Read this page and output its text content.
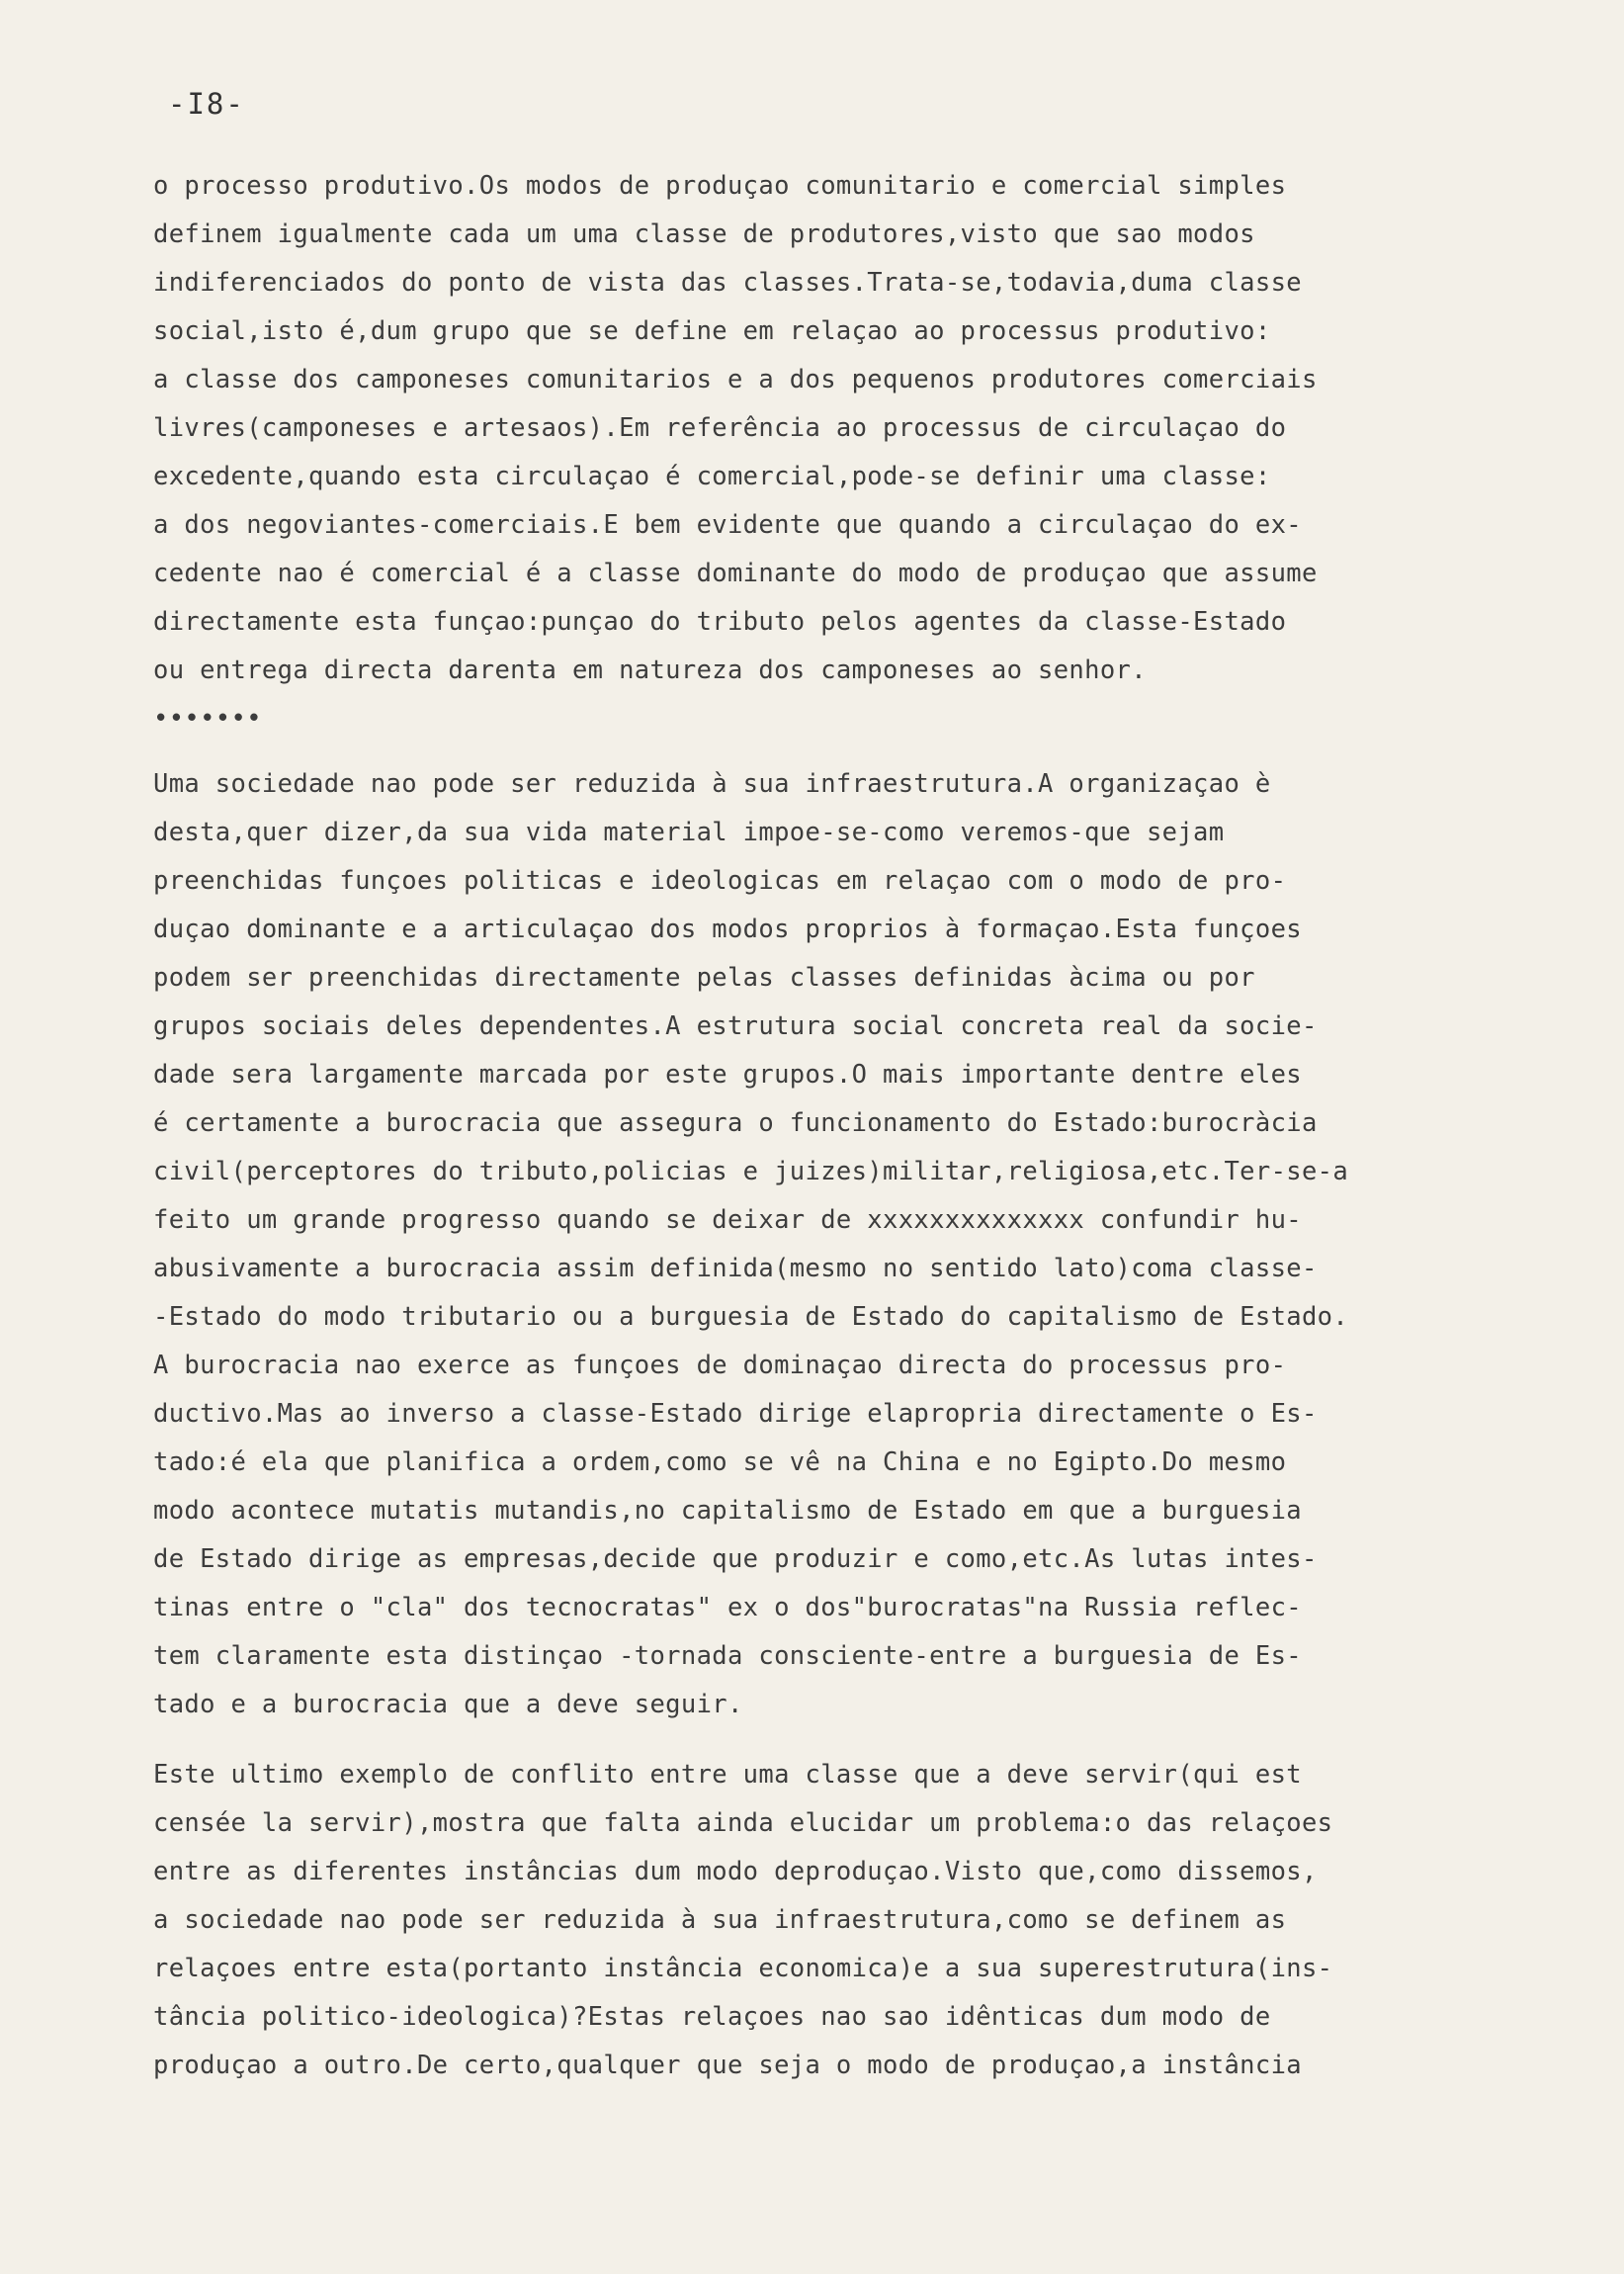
-I8-
o processo produtivo.Os modos de produçao comunitario e comercial simples
definem igualmente cada um uma classe de produtores,visto que sao modos
indiferenciados do ponto de vista das classes.Trata-se,todavia,duma classe
social,isto é,dum grupo que se define em relaçao ao processus produtivo:
a classe dos camponeses comunitarios e a dos pequenos produtores comerciais
livres(camponeses e artesaos).Em referência ao processus de circulaçao do
excedente,quando esta circulaçao é comercial,pode-se definir uma classe:
a dos negoviantes-comerciais.E bem evidente que quando a circulaçao do ex-
cedente nao é comercial é a classe dominante do modo de produçao que assume
directamente esta funçao:punçao do tributo pelos agentes da classe-Estado
ou entrega directa darenta em natureza dos camponeses ao senhor.
•••••••
Uma sociedade nao pode ser reduzida à sua infraestrutura.A organizaçao è
desta,quer dizer,da sua vida material impoe-se-como veremos-que sejam
preenchidas funçoes politicas e ideologicas em relaçao com o modo de pro-
duçao dominante e a articulaçao dos modos proprios à formaçao.Esta funçoes
podem ser preenchidas directamente pelas classes definidas àcima ou por
grupos sociais deles dependentes.A estrutura social concreta real da socie-
dade sera largamente marcada por este grupos.O mais importante dentre eles
é certamente a burocracia que assegura o funcionamento do Estado:burocràcia
civil(perceptores do tributo,policias e juizes)militar,religiosa,etc.Ter-se-a
feito um grande progresso quando se deixar de xxxxxxxxxxxxxx confundir hu-
abusivamente a burocracia assim definida(mesmo no sentido lato)coma classe-
-Estado do modo tributario ou a burguesia de Estado do capitalismo de Estado.
A burocracia nao exerce as funçoes de dominaçao directa do processus pro-
ductivo.Mas ao inverso a classe-Estado dirige elapropria directamente o Es-
tado:é ela que planifica a ordem,como se vê na China e no Egipto.Do mesmo
modo acontece mutatis mutandis,no capitalismo de Estado em que a burguesia
de Estado dirige as empresas,decide que produzir e como,etc.As lutas intes-
tinas entre o "cla" dos tecnocratas" ex o dos"burocratas"na Russia reflec-
tem claramente esta distinçao -tornada consciente-entre a burguesia de Es-
tado e a burocracia que a deve seguir.
Este ultimo exemplo de conflito entre uma classe que a deve servir(qui est
censée la servir),mostra que falta ainda elucidar um problema:o das relaçoes
entre as diferentes instâncias dum modo deproduçao.Visto que,como dissemos,
a sociedade nao pode ser reduzida à sua infraestrutura,como se definem as
relaçoes entre esta(portanto instância economica)e a sua superestrutura(ins-
tância politico-ideologica)?Estas relaçoes nao sao idênticas dum modo de
produçao a outro.De certo,qualquer que seja o modo de produçao,a instância
